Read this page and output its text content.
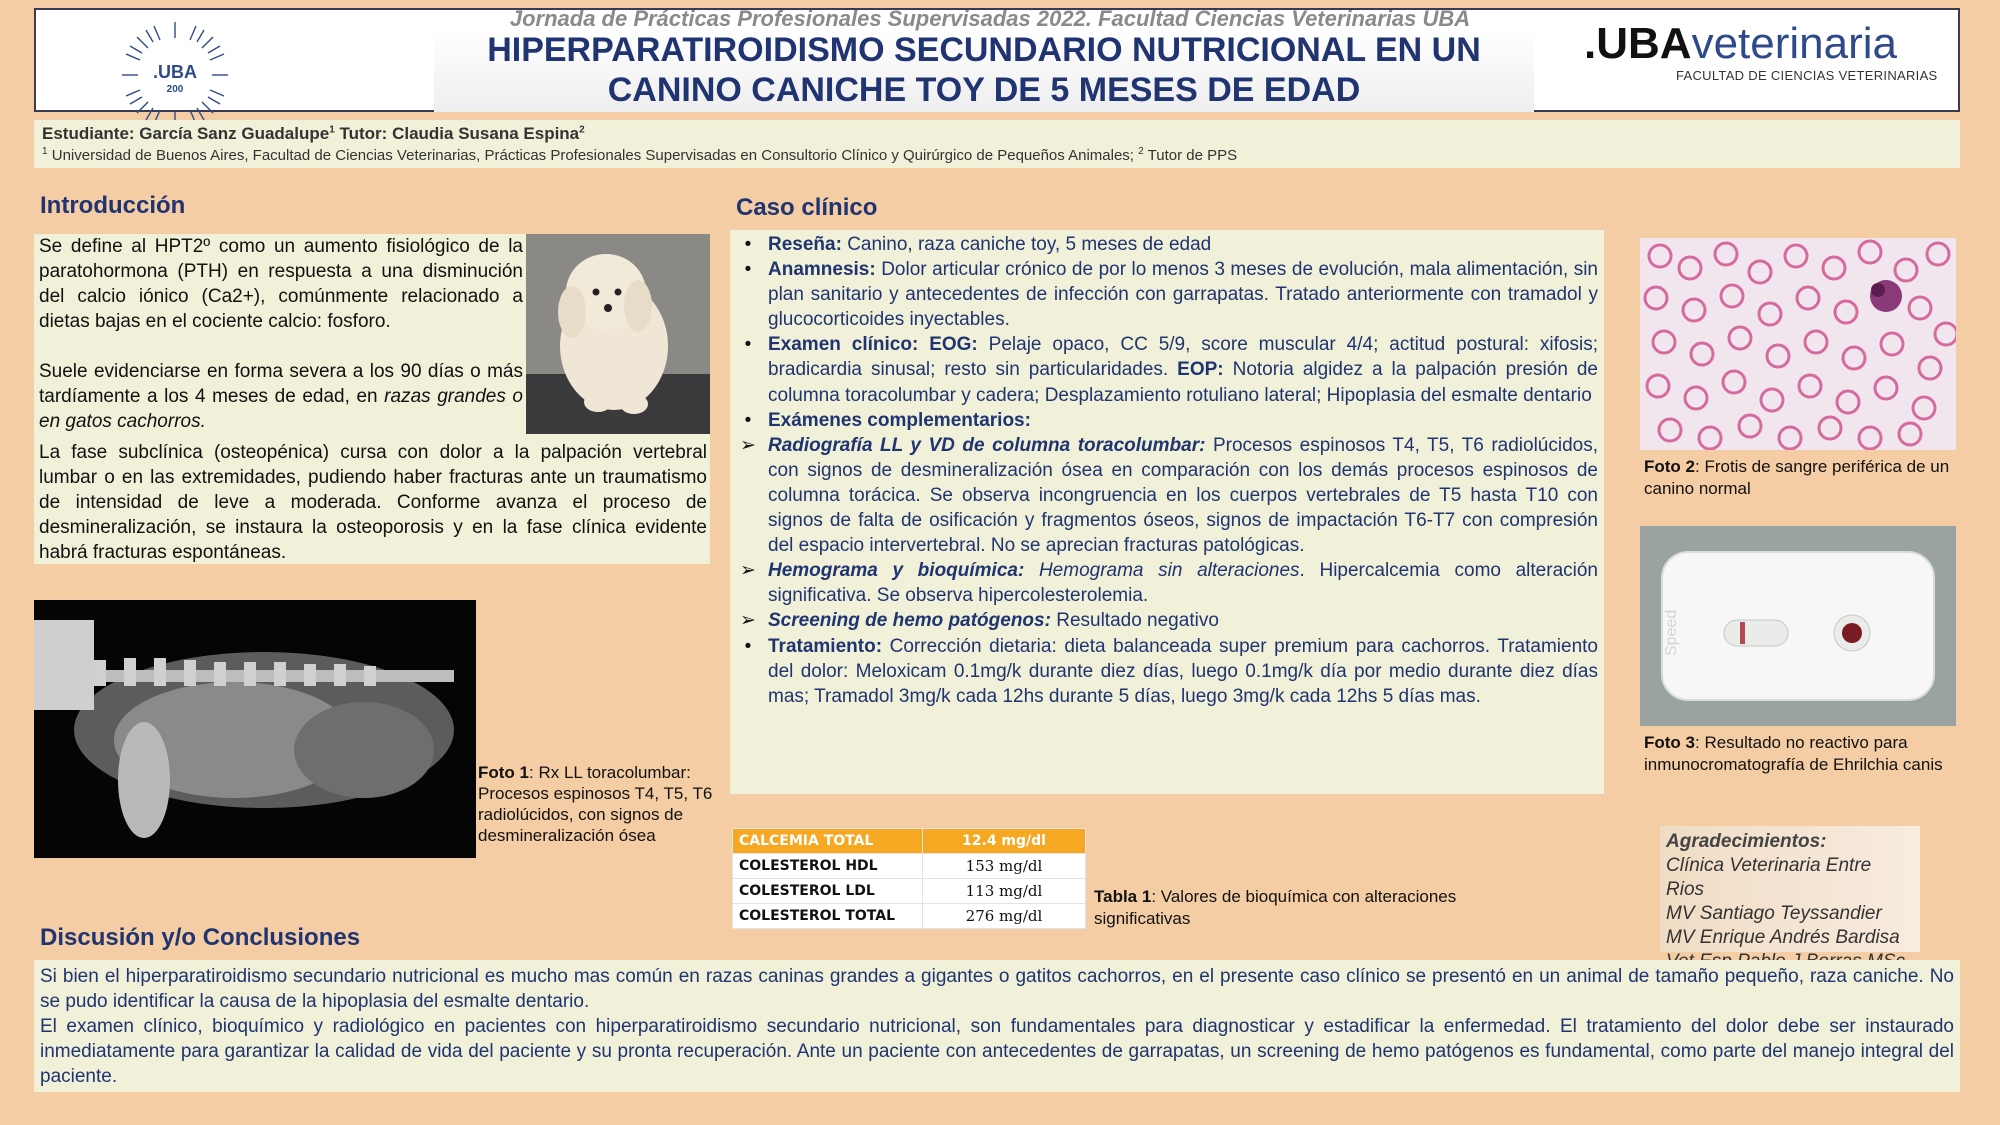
.UBA
200
Jornada de Prácticas Profesionales Supervisadas 2022. Facultad Ciencias Veterinarias UBA
HIPERPARATIROIDISMO SECUNDARIO NUTRICIONAL EN UN
CANINO CANICHE TOY DE 5 MESES DE EDAD
.UBAveterinaria
FACULTAD DE CIENCIAS VETERINARIAS
Estudiante: García Sanz Guadalupe$^1$ Tutor: Claudia Susana Espina$^2$
$^1$ Universidad de Buenos Aires, Facultad de Ciencias Veterinarias, Prácticas Profesionales Supervisadas en Consultorio Clínico y Quirúrgico de Pequeños Animales; $^2$ Tutor de PPS
Introducción
Se define al HPT2º como un aumento fisiológico de la paratohormona (PTH) en respuesta a una disminución del calcio iónico (Ca2+), comúnmente relacionado a dietas bajas en el cociente calcio: fosforo.
Suele evidenciarse en forma severa a los 90 días o más tardíamente a los 4 meses de edad, en razas grandes o en gatos cachorros.
La fase subclínica (osteopénica) cursa con dolor a la palpación vertebral lumbar o en las extremidades, pudiendo haber fracturas ante un traumatismo de intensidad de leve a moderada. Conforme avanza el proceso de desmineralización, se instaura la osteoporosis y en la fase clínica evidente habrá fracturas espontáneas.
Foto 1: Rx LL toracolumbar: Procesos espinosos T4, T5, T6 radiolúcidos, con signos de desmineralización ósea
Caso clínico
• Reseña: Canino, raza caniche toy, 5 meses de edad
• Anamnesis: Dolor articular crónico de por lo menos 3 meses de evolución, mala alimentación, sin plan sanitario y antecedentes de infección con garrapatas. Tratado anteriormente con tramadol y glucocorticoides inyectables.
• Examen clínico: EOG: Pelaje opaco, CC 5/9, score muscular 4/4; actitud postural: xifosis; bradicardia sinusal; resto sin particularidades. EOP: Notoria algidez a la palpación presión de columna toracolumbar y cadera; Desplazamiento rotuliano lateral; Hipoplasia del esmalte dentario
• Exámenes complementarios:
➢ Radiografía LL y VD de columna toracolumbar: Procesos espinosos T4, T5, T6 radiolúcidos, con signos de desmineralización ósea en comparación con los demás procesos espinosos de columna torácica. Se observa incongruencia en los cuerpos vertebrales de T5 hasta T10 con signos de falta de osificación y fragmentos óseos, signos de impactación T6-T7 con compresión del espacio intervertebral. No se aprecian fracturas patológicas.
➢ Hemograma y bioquímica: Hemograma sin alteraciones. Hipercalcemia como alteración significativa. Se observa hipercolesterolemia.
➢ Screening de hemo patógenos: Resultado negativo
• Tratamiento: Corrección dietaria: dieta balanceada super premium para cachorros. Tratamiento del dolor: Meloxicam 0.1mg/k durante diez días, luego 0.1mg/k día por medio durante diez días mas; Tramadol 3mg/k cada 12hs durante 5 días, luego 3mg/k cada 12hs 5 días mas.
Foto 2: Frotis de sangre periférica de un canino normal
Speed
Foto 3: Resultado no reactivo para inmunocromatografía de Ehrilchia canis
CALCEMIA TOTAL	12.4 mg/dl
COLESTEROL HDL	153 mg/dl
COLESTEROL LDL	113 mg/dl
COLESTEROL TOTAL	276 mg/dl
Tabla 1: Valores de bioquímica con alteraciones significativas
Agradecimientos:
Clínica Veterinaria Entre Rios
MV Santiago Teyssandier
MV Enrique Andrés Bardisa
Discusión y/o Conclusiones
Si bien el hiperparatiroidismo secundario nutricional es mucho mas común en razas caninas grandes a gigantes o gatitos cachorros, en el presente caso clínico se presentó en un animal de tamaño pequeño, raza caniche. No se pudo identificar la causa de la hipoplasia del esmalte dentario.
El examen clínico, bioquímico y radiológico en pacientes con hiperparatiroidismo secundario nutricional, son fundamentales para diagnosticar y estadificar la enfermedad. El tratamiento del dolor debe ser instaurado inmediatamente para garantizar la calidad de vida del paciente y su pronta recuperación. Ante un paciente con antecedentes de garrapatas, un screening de hemo patógenos es fundamental, como parte del manejo integral del paciente.
